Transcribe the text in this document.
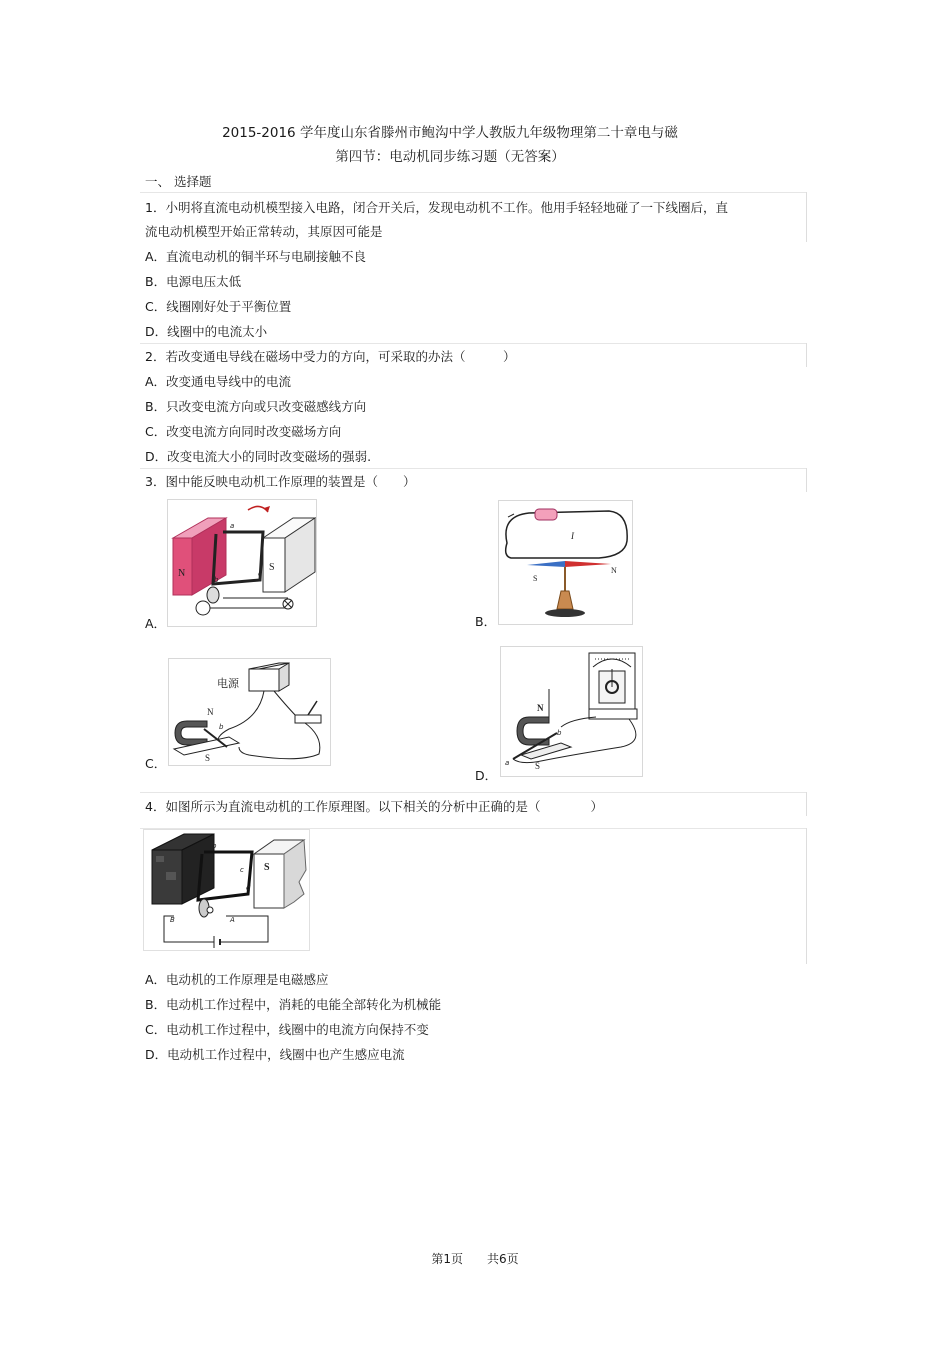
2015-2016 学年度山东省滕州市鲍沟中学人教版九年级物理第二十章电与磁
第四节：电动机同步练习题（无答案）
一、 选择题
1．小明将直流电动机模型接入电路，闭合开关后，发现电动机不工作。他用手轻轻地碰了一下线圈后，直
流电动机模型开始正常转动，其原因可能是
A．直流电动机的铜半环与电刷接触不良
B．电源电压太低
C．线圈刚好处于平衡位置
D．线圈中的电流太小
2．若改变通电导线在磁场中受力的方向，可采取的办法（　　　）
A．改变通电导线中的电流
B．只改变电流方向或只改变磁感线方向
C．改变电流方向同时改变磁场方向
D．改变电流大小的同时改变磁场的强弱.
3．图中能反映电动机工作原理的装置是（　　）
A．
N
S
a
b
c
B．
I
S
N
C．
电源
N
S
b
D．
N
S
b
a
4．如图所示为直流电动机的工作原理图。以下相关的分析中正确的是（　　　　）
S
b
a	c
d
B	A
A．电动机的工作原理是电磁感应
B．电动机工作过程中，消耗的电能全部转化为机械能
C．电动机工作过程中，线圈中的电流方向保持不变
D．电动机工作过程中，线圈中也产生感应电流
第1页　　共6页
